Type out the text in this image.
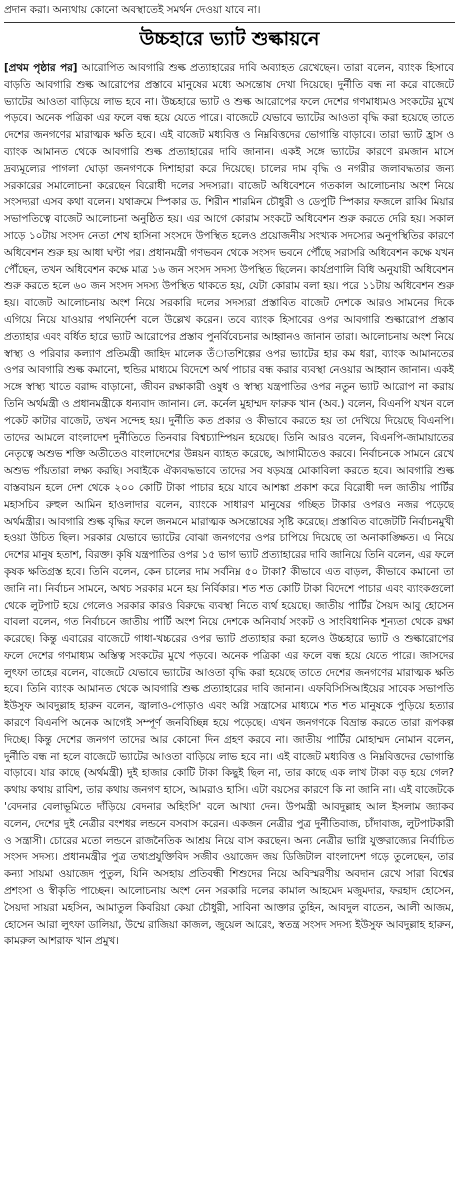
প্রদান করা। অন্যথায় কোনো অবস্থাতেই সমর্থন দেওয়া যাবে না।
উচ্চহারে ভ্যাট শুল্কায়নে

[প্রথম পৃষ্ঠার পর] আরোপিত আবগারি শুল্ক প্রত্যাহারের দাবি অব্যাহত রেখেছেন। তারা বলেন, ব্যাংক হিসাবে বাড়তি আবগারি শুল্ক আরোপের প্রস্তাবে মানুষের মধ্যে অসন্তোষ দেখা দিয়েছে। দুর্নীতি বন্ধ না করে বাজেটে ভ্যাটের আওতা বাড়িয়ে লাভ হবে না। উচ্চহারে ভ্যাট ও শুল্ক আরোপের ফলে দেশের গণমাধ্যমও সংকটের মুখে পড়বে। অনেক পত্রিকা এর ফলে বন্ধ হয়ে যেতে পারে। বাজেটে যেভাবে ভ্যাটের আওতা বৃদ্ধি করা হয়েছে তাতে দেশের জনগণের মারাত্মক ক্ষতি হবে। এই বাজেট মধ্যবিত্ত ও নিম্নবিত্তদের ভোগান্তি বাড়াবে। তারা ভ্যাট হ্রাস ও ব্যাংক আমানত থেকে আবগারি শুল্ক প্রত্যাহারের দাবি জানান। একই সঙ্গে ভ্যাটের কারণে রমজান মাসে দ্রব্যমূল্যের পাগলা ঘোড়া জনগণকে দিশাহারা করে দিয়েছে। চালের দাম বৃদ্ধি ও নগরীর জলাবদ্ধতার জন্য সরকারের সমালোচনা করেছেন বিরোধী দলের সদস্যরা। বাজেট অধিবেশনে গতকাল আলোচনায় অংশ নিয়ে সংসদ্যরা এসব কথা বলেন। যথাক্রমে স্পিকার ড. শিরীন শারমিন চৌধুরী ও ডেপুটি স্পিকার ফজলে রাব্বি মিয়ার সভাপতিত্বে বাজেট আলোচনা অনুষ্ঠিত হয়। এর আগে কোরাম সংকটে অধিবেশন শুরু করতে দেরি হয়। সকাল সাড়ে ১০টায় সংসদ নেতা শেখ হাসিনা সংসদে উপস্থিত হলেও প্রয়োজনীয় সংখ্যক সদস্যের অনুপস্থিতির কারণে অধিবেশন শুরু হয় আধা ঘণ্টা পর। প্রধানমন্ত্রী গণভবন থেকে সংসদ ভবনে পৌঁছে সরাসরি অধিবেশন কক্ষে যখন পৌঁছেন, তখন অধিবেশন কক্ষে মাত্র ১৬ জন সংসদ সদস্য উপস্থিত ছিলেন। কার্যপ্রণালি বিধি অনুযায়ী অধিবেশন শুরু করতে হলে ৬০ জন সংসদ সদস্য উপস্থিত থাকতে হয়, যেটা কোরাম বলা হয়। পরে ১১টায় অধিবেশন শুরু হয়। বাজেট আলোচনায় অংশ নিয়ে সরকারি দলের সদস্যরা প্রস্তাবিত বাজেট দেশকে আরও সামনের দিকে এগিয়ে নিয়ে যাওয়ার পথনির্দেশ বলে উল্লেখ করেন। তবে ব্যাংক হিসাবের ওপর আবগারি শুল্কারোপ প্রস্তাব প্রত্যাহার এবং বর্ধিত হারে ভ্যাট আরোপের প্রস্তাব পুনর্বিবেচনার আহ্বানও জানান তারা। আলোচনায় অংশ নিয়ে স্বাস্থ্য ও পরিবার কল্যাণ প্রতিমন্ত্রী জাহিদ মালেক তঁাতশিল্পের ওপর ভ্যাটের হার কম ধরা, ব্যাংক আমানতের ওপর আবগারি শুল্ক কমানো, হুন্ডির মাধ্যমে বিদেশে অর্থ পাচার বন্ধ করার ব্যবস্থা নেওয়ার আহ্বান জানান। একই সঙ্গে স্বাস্থ্য খাতে বরাদ্দ বাড়ানো, জীবন রক্ষাকারী ওষুধ ও স্বাস্থ্য যন্ত্রপাতির ওপর নতুন ভ্যাট আরোপ না করায় তিনি অর্থমন্ত্রী ও প্রধানমন্ত্রীকে ধন্যবাদ জানান। লে. কর্নেল মুহাম্মদ ফারুক খান (অব.) বলেন, বিএনপি যখন বলে পকেট কাটার বাজেট, তখন সন্দেহ হয়। দুর্নীতি কত প্রকার ও কীভাবে করতে হয় তা দেখিয়ে দিয়েছে বিএনপি। তাদের আমলে বাংলাদেশ দুর্নীতিতে তিনবার বিশ্বচ্যাম্পিয়ন হয়েছে। তিনি আরও বলেন, বিএনপি-জামায়াতের নেতৃত্বে অশুভ শক্তি অতীতেও বাংলাদেশের উন্নয়ন ব্যাহত করেছে, আগামীতেও করবে। নির্বাচনকে সামনে রেখে অশুভ পাঁয়তারা লক্ষ্য করছি। সবাইকে ঐক্যবদ্ধভাবে তাদের সব ষড়যন্ত্র মোকাবিলা করতে হবে। আবগারি শুল্ক বাস্তবায়ন হলে দেশ থেকে ২০০ কোটি টাকা পাচার হয়ে যাবে আশঙ্কা প্রকাশ করে বিরোধী দল জাতীয় পার্টির মহাসচিব রুহুল আমিন হাওলাদার বলেন, ব্যাংকে সাধারণ মানুষের গচ্ছিত টাকার ওপরও নজর পড়েছে অর্থমন্ত্রীর। আবগারি শুল্ক বৃদ্ধির ফলে জনমনে মারাত্মক অসন্তোষের সৃষ্টি করেছে। প্রস্তাবিত বাজেটটি নির্বাচনমুখী হওয়া উচিত ছিল। সরকার যেভাবে ভ্যাটের বোঝা জনগণের ওপর চাপিয়ে দিয়েছে তা অনাকাঙ্ক্ষিত। এ নিয়ে দেশের মানুষ হতাশ, বিরক্ত। কৃষি যন্ত্রপাতির ওপর ১৫ ভাগ ভ্যাট প্রত্যাহারের দাবি জানিয়ে তিনি বলেন, এর ফলে কৃষক ক্ষতিগ্রস্ত হবে। তিনি বলেন, কেন চালের দাম সর্বনিম্ন ৫০ টাকা? কীভাবে এত বাড়ল, কীভাবে কমানো তা জানি না। নির্বাচন সামনে, অথচ সরকার মনে হয় নির্বিকার। শত শত কোটি টাকা বিদেশে পাচার এবং ব্যাংকগুলো থেকে লুটপাট হয়ে গেলেও সরকার কারও বিরুদ্ধে ব্যবস্থা নিতে ব্যর্থ হয়েছে। জাতীয় পার্টির সৈয়দ আবু হোসেন বাবলা বলেন, গত নির্বাচনে জাতীয় পার্টি অংশ নিয়ে দেশকে অনিবার্য সংকট ও সাংবিধানিক শূন্যতা থেকে রক্ষা করেছে। কিন্তু এবারের বাজেটে গাধা-খচ্চরের ওপর ভ্যাট প্রত্যাহার করা হলেও উচ্চহারে ভ্যাট ও শুল্কারোপের ফলে দেশের গণমাধ্যম অস্তিত্ব সংকটের মুখে পড়বে। অনেক পত্রিকা এর ফলে বন্ধ হয়ে যেতে পারে। জাসদের লুৎফা তাহের বলেন, বাজেটে যেভাবে ভ্যাটের আওতা বৃদ্ধি করা হয়েছে তাতে দেশের জনগণের মারাত্মক ক্ষতি হবে। তিনি ব্যাংক আমানত থেকে আবগারি শুল্ক প্রত্যাহারের দাবি জানান। এফবিসিসিআইয়ের সাবেক সভাপতি ইউসুফ আবদুল্লাহ হারুন বলেন, জ্বালাও-পোড়াও এবং অগ্নি সন্ত্রাসের মাধ্যমে শত শত মানুষকে পুড়িয়ে হত্যার কারণে বিএনপি অনেক আগেই সম্পূর্ণ জনবিচ্ছিন্ন হয়ে পড়েছে। এখন জনগণকে বিভ্রান্ত করতে তারা রূপকল্প দিচ্ছে। কিন্তু দেশের জনগণ তাদের আর কোনো দিন গ্রহণ করবে না। জাতীয় পার্টির মোহাম্মদ নোমান বলেন, দুর্নীতি বন্ধ না হলে বাজেটে ভ্যাটের আওতা বাড়িয়ে লাভ হবে না। এই বাজেট মধ্যবিত্ত ও নিম্নবিত্তদের ভোগান্তি বাড়াবে। যার কাছে (অর্থমন্ত্রী) দুই হাজার কোটি টাকা কিছুই ছিল না, তার কাছে এক লাখ টাকা বড় হয়ে গেল? কথায় কথায় রাবিশ, তার কথায় জনগণ হাসে, আমরাও হাসি। এটা বয়সের কারণে কি না জানি না। এই বাজেটকে 'বেদনার বেলাভূমিতে দাঁড়িয়ে বেদনার অহিংসি' বলে আখ্যা দেন। উপমন্ত্রী আবদুল্লাহ আল ইসলাম জ্যাকব বলেন, দেশের দুই নেত্রীর বংশধর লন্ডনে বসবাস করেন। একজন নেত্রীর পুত্র দুর্নীতিবাজ, চাঁদাবাজ, লুটপাটকারী ও সন্ত্রাসী। চোরের মতো লন্ডনে রাজনৈতিক আশ্রয় নিয়ে বাস করছেন। অন্য নেত্রীর ভাগ্নি যুক্তরাজ্যের নির্বাচিত সংসদ সদস্য। প্রধানমন্ত্রীর পুত্র তথ্যপ্রযুক্তিবিদ সজীব ওয়াজেদ জয় ডিজিটাল বাংলাদেশ গড়ে তুলেছেন, তার কন্যা সায়মা ওয়াজেদ পুতুল, যিনি অসহায় প্রতিবন্ধী শিশুদের নিয়ে অবিস্মরণীয় অবদান রেখে সারা বিশ্বের প্রশংসা ও স্বীকৃতি পাচ্ছেন। আলোচনায় অংশ নেন সরকারি দলের কামাল আহমেদ মজুমদার, ফরহাদ হোসেন, সৈয়দা সায়রা মহসিন, আমাতুল কিবরিয়া কেয়া চৌধুরী, সাবিনা আক্তার তুহিন, আবদুল বাতেন, আলী আজম, হোসেন আরা লুৎফা ডালিয়া, উম্মে রাজিয়া কাজল, জুয়েল আরেং, স্বতন্ত্র সংসদ সদস্য ইউসুফ আবদুল্লাহ হারুন, কামরুল আশরাফ খান প্রমুখ।
